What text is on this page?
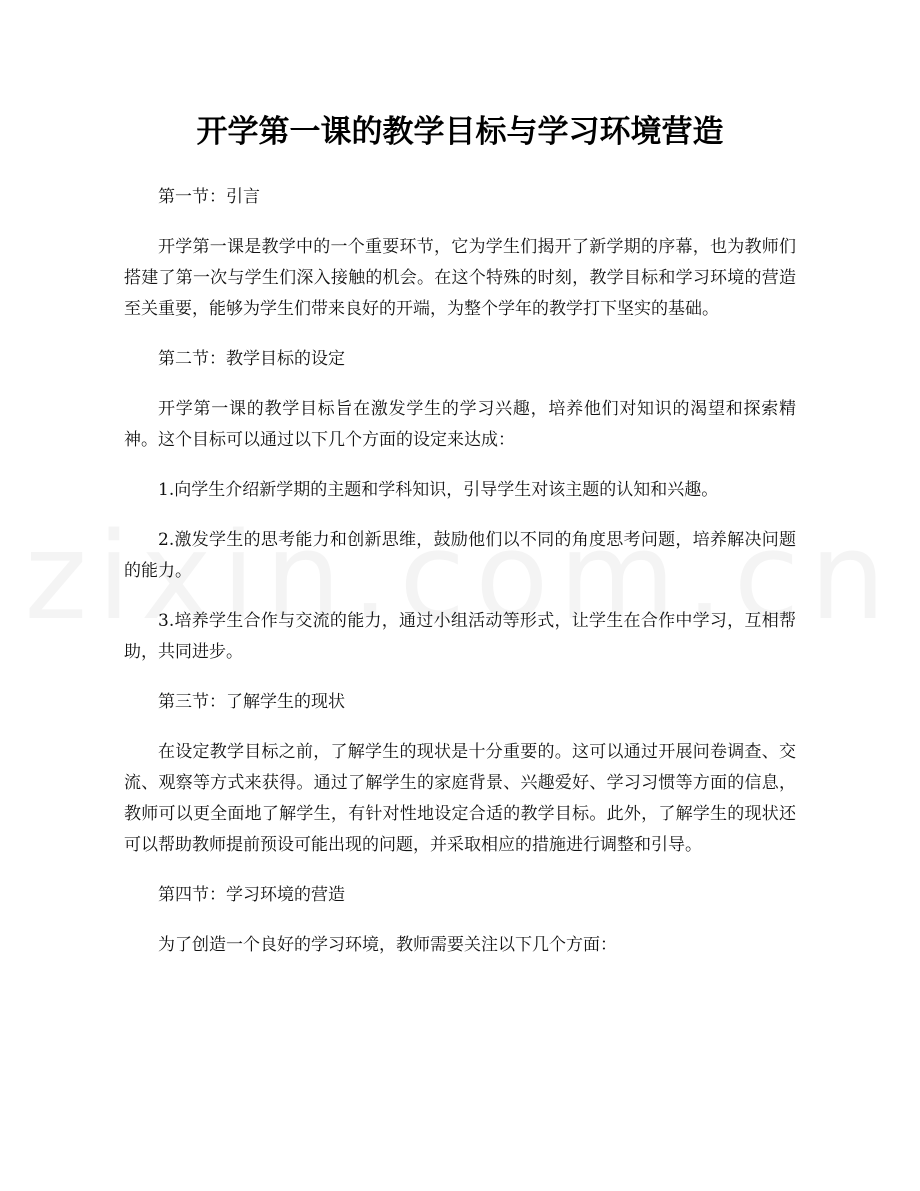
开学第一课的教学目标与学习环境营造

第一节：引言

开学第一课是教学中的一个重要环节，它为学生们揭开了新学期的序幕，也为教师们搭建了第一次与学生们深入接触的机会。在这个特殊的时刻，教学目标和学习环境的营造至关重要，能够为学生们带来良好的开端，为整个学年的教学打下坚实的基础。

第二节：教学目标的设定

开学第一课的教学目标旨在激发学生的学习兴趣，培养他们对知识的渴望和探索精神。这个目标可以通过以下几个方面的设定来达成：

1.向学生介绍新学期的主题和学科知识，引导学生对该主题的认知和兴趣。

2.激发学生的思考能力和创新思维，鼓励他们以不同的角度思考问题，培养解决问题的能力。

3.培养学生合作与交流的能力，通过小组活动等形式，让学生在合作中学习，互相帮助，共同进步。

第三节：了解学生的现状

在设定教学目标之前，了解学生的现状是十分重要的。这可以通过开展问卷调查、交流、观察等方式来获得。通过了解学生的家庭背景、兴趣爱好、学习习惯等方面的信息，教师可以更全面地了解学生，有针对性地设定合适的教学目标。此外，了解学生的现状还可以帮助教师提前预设可能出现的问题，并采取相应的措施进行调整和引导。

第四节：学习环境的营造

为了创造一个良好的学习环境，教师需要关注以下几个方面：
